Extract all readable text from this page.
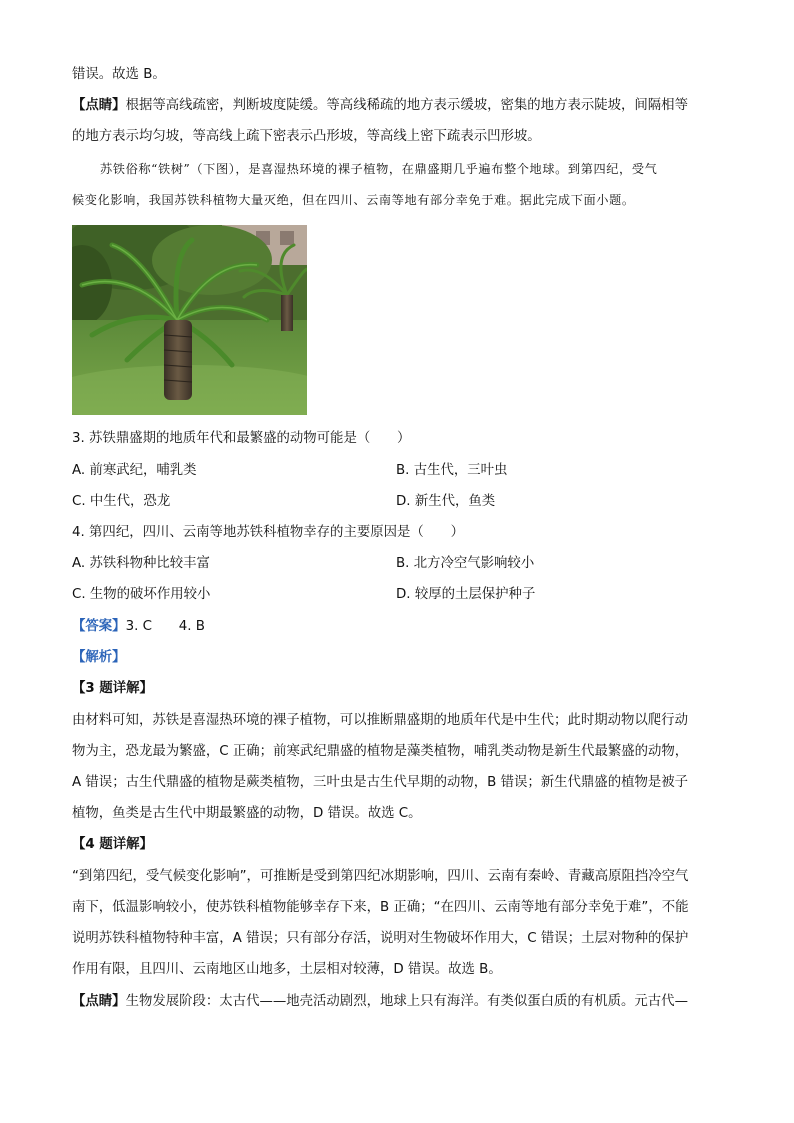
错误。故选 B。
【点睛】根据等高线疏密，判断坡度陡缓。等高线稀疏的地方表示缓坡，密集的地方表示陡坡，间隔相等
的地方表示均匀坡，等高线上疏下密表示凸形坡，等高线上密下疏表示凹形坡。
苏铁俗称“铁树”（下图），是喜湿热环境的裸子植物，在鼎盛期几乎遍布整个地球。到第四纪，受气
候变化影响，我国苏铁科植物大量灭绝，但在四川、云南等地有部分幸免于难。据此完成下面小题。
3. 苏铁鼎盛期的地质年代和最繁盛的动物可能是（　　）
A. 前寒武纪，哺乳类	B. 古生代，三叶虫
C. 中生代，恐龙	D. 新生代，鱼类
4. 第四纪，四川、云南等地苏铁科植物幸存的主要原因是（　　）
A. 苏铁科物种比较丰富	B. 北方冷空气影响较小
C. 生物的破坏作用较小	D. 较厚的土层保护种子
【答案】3. C　　4. B
【解析】
【3 题详解】
由材料可知，苏铁是喜湿热环境的裸子植物，可以推断鼎盛期的地质年代是中生代；此时期动物以爬行动
物为主，恐龙最为繁盛，C 正确；前寒武纪鼎盛的植物是藻类植物，哺乳类动物是新生代最繁盛的动物，
A 错误；古生代鼎盛的植物是蕨类植物，三叶虫是古生代早期的动物，B 错误；新生代鼎盛的植物是被子
植物，鱼类是古生代中期最繁盛的动物，D 错误。故选 C。
【4 题详解】
“到第四纪，受气候变化影响”，可推断是受到第四纪冰期影响，四川、云南有秦岭、青藏高原阻挡冷空气
南下，低温影响较小，使苏铁科植物能够幸存下来，B 正确；“在四川、云南等地有部分幸免于难”，不能
说明苏铁科植物特种丰富，A 错误；只有部分存活，说明对生物破坏作用大，C 错误；土层对物种的保护
作用有限，且四川、云南地区山地多，土层相对较薄，D 错误。故选 B。
【点睛】生物发展阶段：太古代——地壳活动剧烈，地球上只有海洋。有类似蛋白质的有机质。元古代—
